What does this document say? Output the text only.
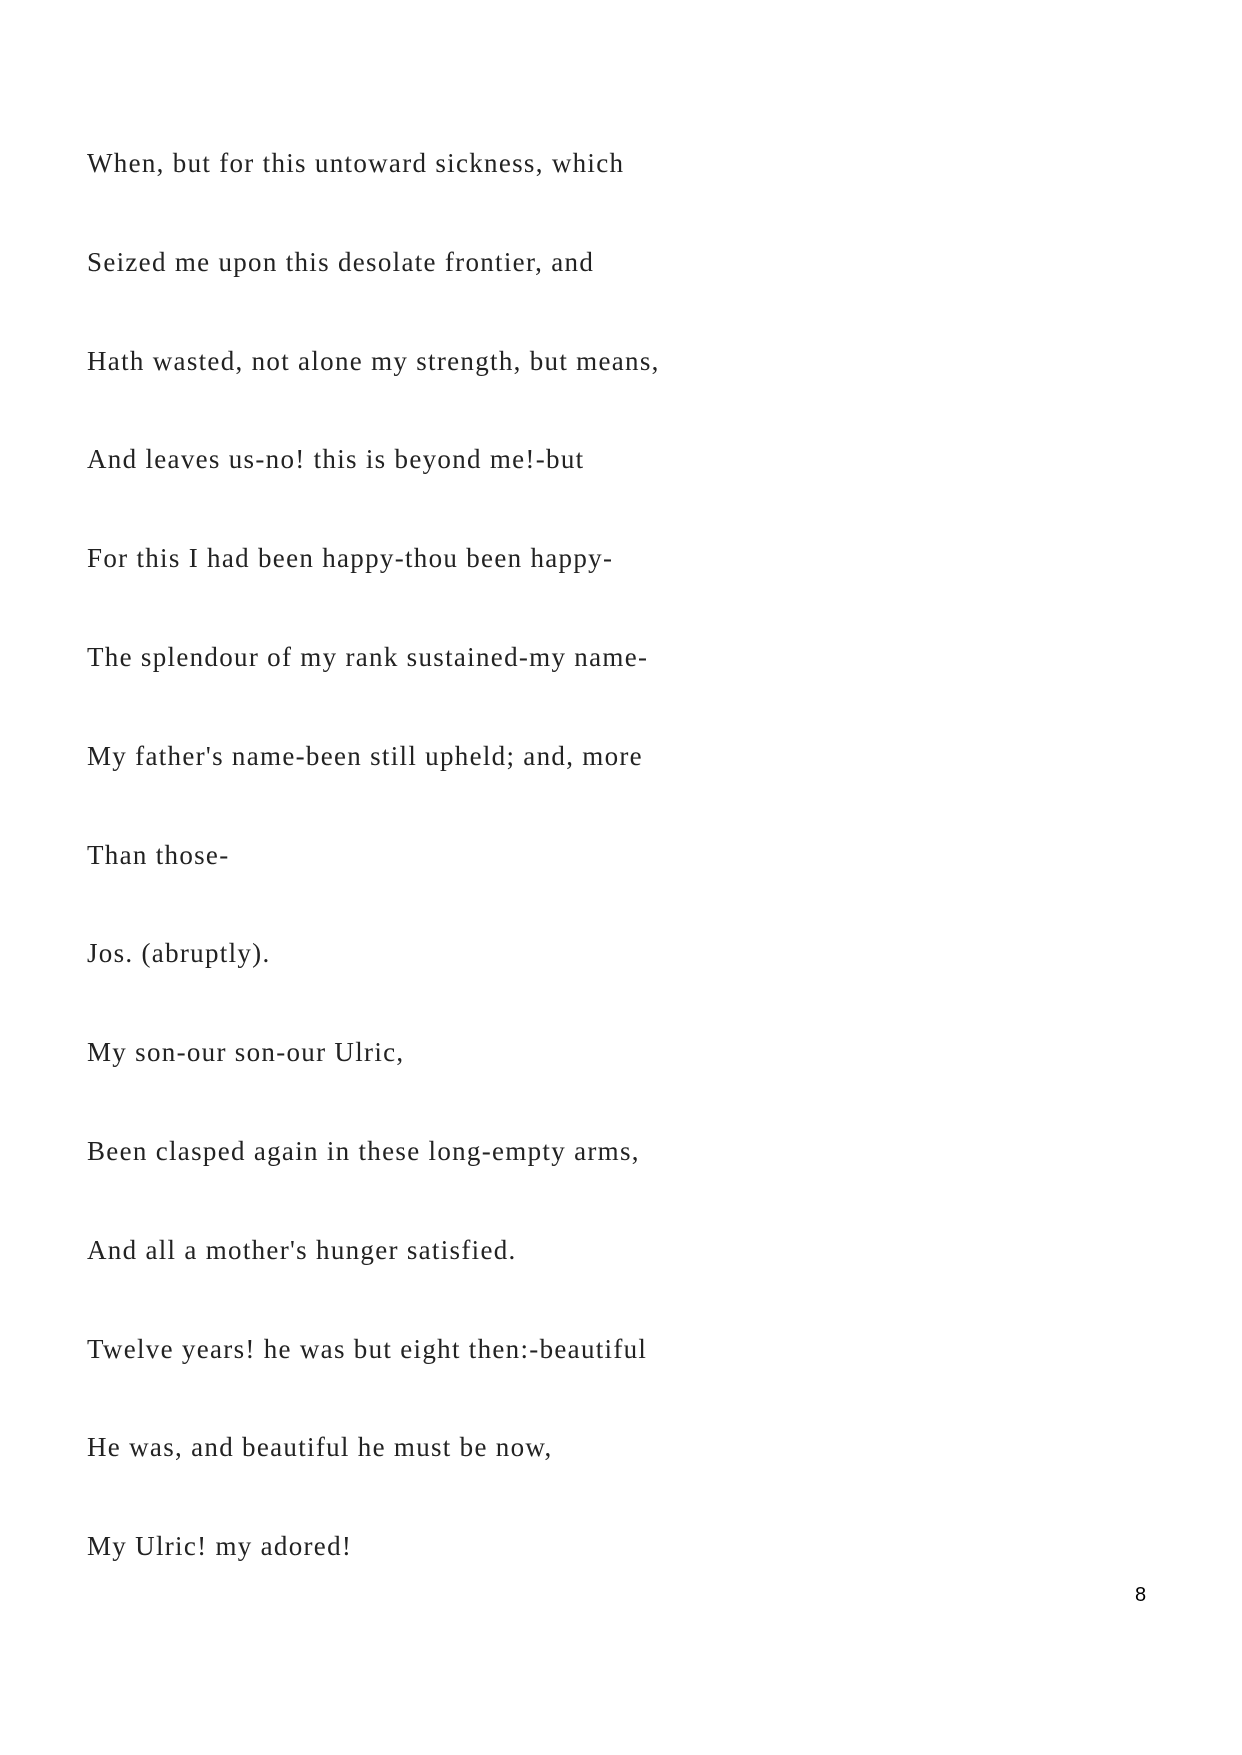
When, but for this untoward sickness, which

Seized me upon this desolate frontier, and

Hath wasted, not alone my strength, but means,

And leaves us-no! this is beyond me!-but

For this I had been happy-thou been happy-

The splendour of my rank sustained-my name-

My father's name-been still upheld; and, more

Than those-

Jos. (abruptly).

My son-our son-our Ulric,

Been clasped again in these long-empty arms,

And all a mother's hunger satisfied.

Twelve years! he was but eight then:-beautiful

He was, and beautiful he must be now,

My Ulric! my adored!

8
